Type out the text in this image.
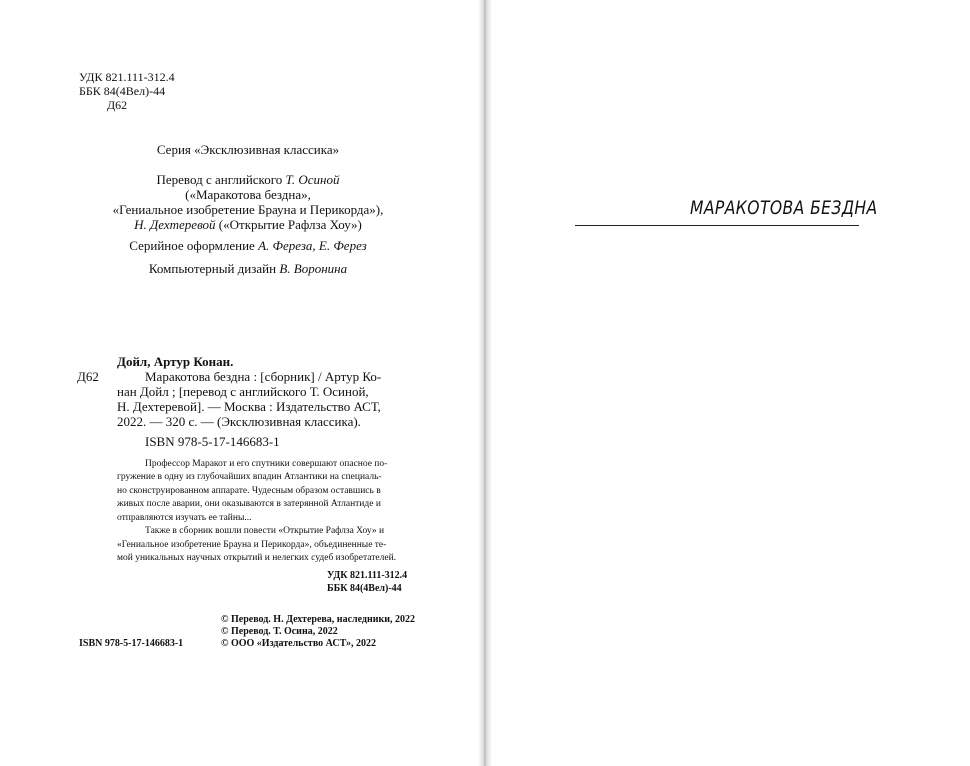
УДК 821.111-312.4
ББК 84(4Вел)-44
Д62
Серия «Эксклюзивная классика»
Перевод с английского Т. Осиной
(«Маракотова бездна»,
«Гениальное изобретение Брауна и Перикорда»),
Н. Дехтеревой («Открытие Рафлза Хоу»)
Серийное оформление А. Фереза, Е. Ферез
Компьютерный дизайн В. Воронина
Дойл, Артур Конан.
Д62	Маракотова бездна : [сборник] / Артур Ко-
нан Дойл ; [перевод с английского Т. Осиной,
Н. Дехтеревой]. — Москва : Издательство АСТ,
2022. — 320 с. — (Эксклюзивная классика).
ISBN 978-5-17-146683-1
Профессор Маракот и его спутники совершают опасное по-
гружение в одну из глубочайших впадин Атлантики на специаль-
но сконструированном аппарате. Чудесным образом оставшись в
живых после аварии, они оказываются в затерянной Атлантиде и
отправляются изучать ее тайны...
Также в сборник вошли повести «Открытие Рафлза Хоу» и
«Гениальное изобретение Брауна и Перикорда», объединенные те-
мой уникальных научных открытий и нелегких судеб изобретателей.
УДК 821.111-312.4
ББК 84(4Вел)-44
© Перевод. Н. Дехтерева, наследники, 2022
© Перевод. Т. Осина, 2022
© ООО «Издательство АСТ», 2022
ISBN 978-5-17-146683-1
МАРАКОТОВА БЕЗДНА
